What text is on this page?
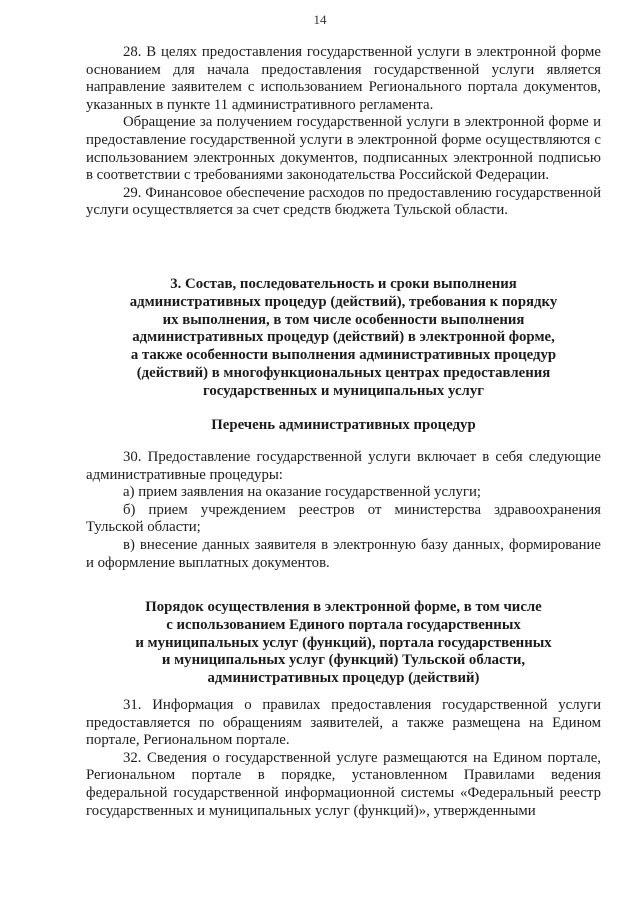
14

28. В целях предоставления государственной услуги в электронной форме основанием для начала предоставления государственной услуги является направление заявителем с использованием Регионального портала документов, указанных в пункте 11 административного регламента.

Обращение за получением государственной услуги в электронной форме и предоставление государственной услуги в электронной форме осуществляются с использованием электронных документов, подписанных электронной подписью в соответствии с требованиями законодательства Российской Федерации.

29. Финансовое обеспечение расходов по предоставлению государственной услуги осуществляется за счет средств бюджета Тульской области.

3. Состав, последовательность и сроки выполнения
административных процедур (действий), требования к порядку
их выполнения, в том числе особенности выполнения
административных процедур (действий) в электронной форме,
а также особенности выполнения административных процедур
(действий) в многофункциональных центрах предоставления
государственных и муниципальных услуг
Перечень административных процедур

30. Предоставление государственной услуги включает в себя следующие административные процедуры:

а) прием заявления на оказание государственной услуги;

б) прием учреждением реестров от министерства здравоохранения Тульской области;

в) внесение данных заявителя в электронную базу данных, формирование и оформление выплатных документов.

Порядок осуществления в электронной форме, в том числе
с использованием Единого портала государственных
и муниципальных услуг (функций), портала государственных
и муниципальных услуг (функций) Тульской области,
административных процедур (действий)

31. Информация о правилах предоставления государственной услуги предоставляется по обращениям заявителей, а также размещена на Едином портале, Региональном портале.

32. Сведения о государственной услуге размещаются на Едином портале, Региональном портале в порядке, установленном Правилами ведения федеральной государственной информационной системы «Федеральный реестр государственных и муниципальных услуг (функций)», утвержденными
